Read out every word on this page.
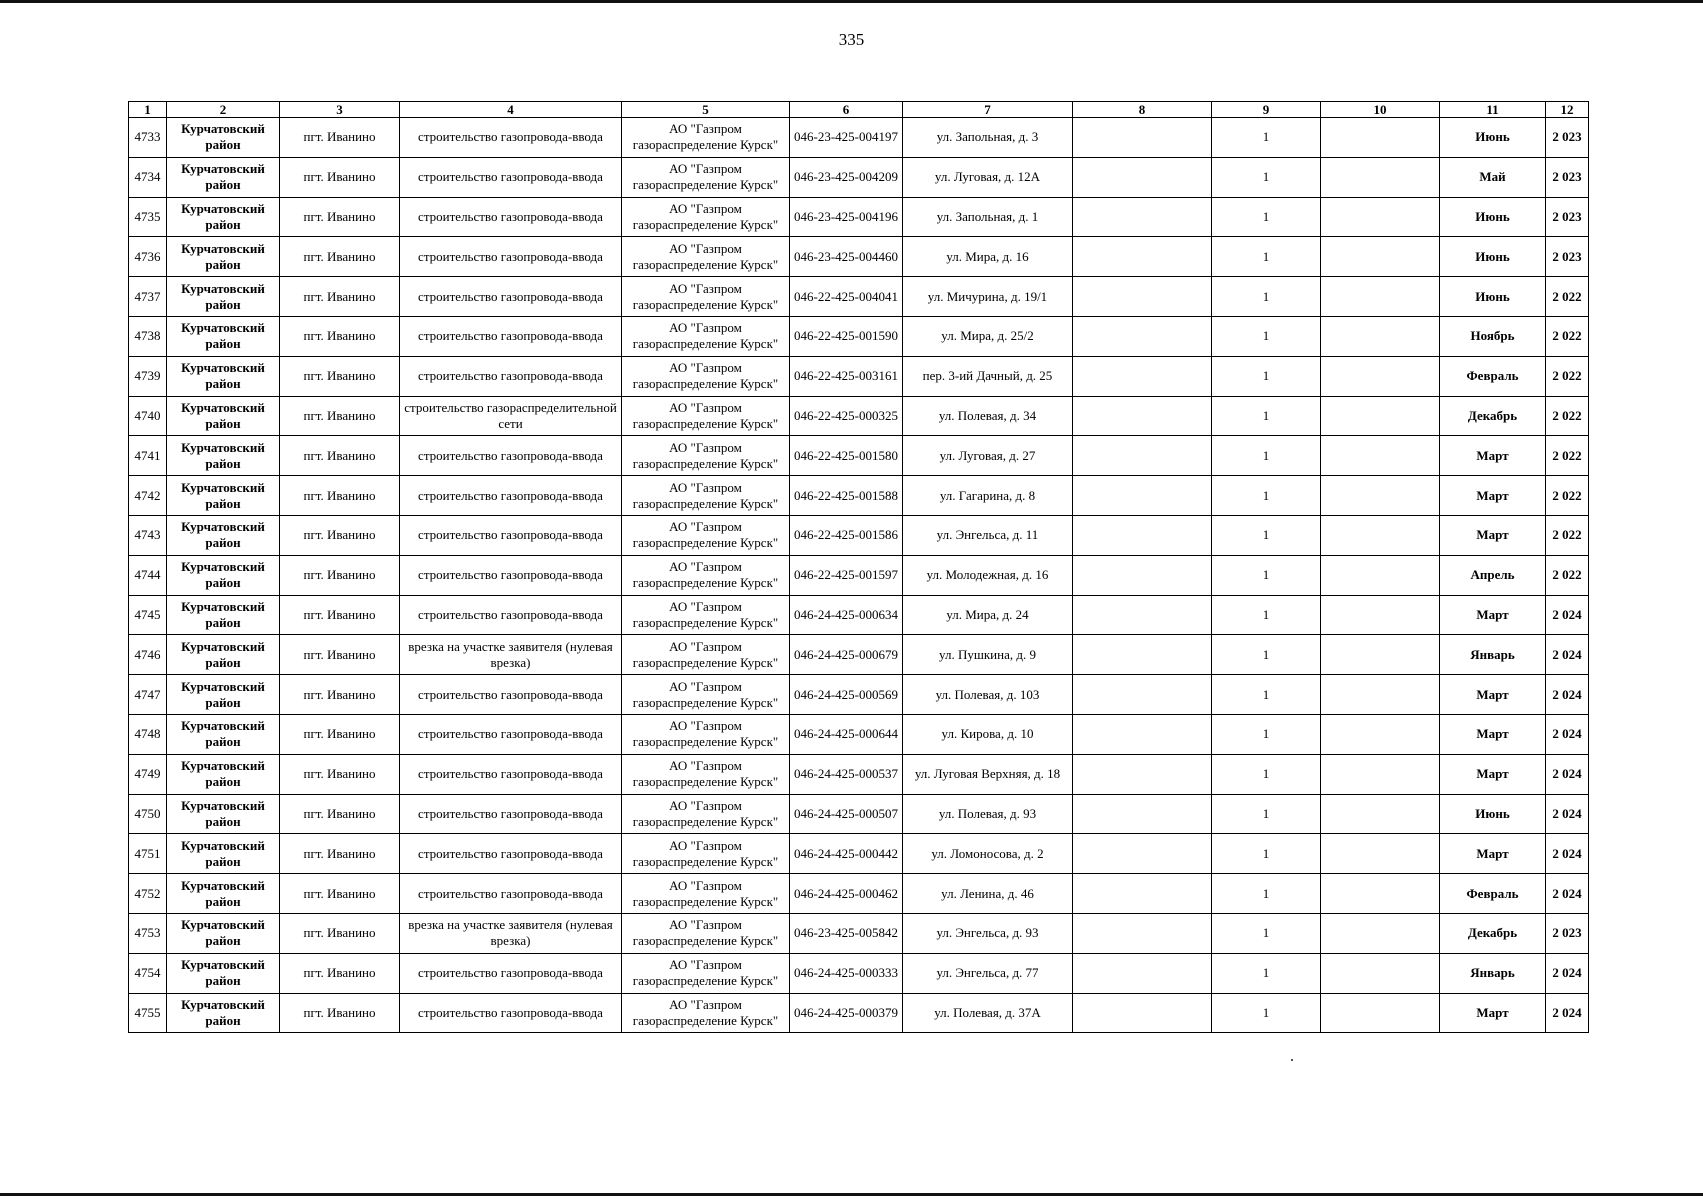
335
1	2	3	4	5	6	7	8	9	10	11	12
4733	Курчатовский район	пгт. Иванино	строительство газопровода-ввода	АО "Газпром газораспределение Курск"	046-23-425-004197	ул. Запольная, д. 3		1		Июнь	2 023
4734	Курчатовский район	пгт. Иванино	строительство газопровода-ввода	АО "Газпром газораспределение Курск"	046-23-425-004209	ул. Луговая, д. 12А		1		Май	2 023
4735	Курчатовский район	пгт. Иванино	строительство газопровода-ввода	АО "Газпром газораспределение Курск"	046-23-425-004196	ул. Запольная, д. 1		1		Июнь	2 023
4736	Курчатовский район	пгт. Иванино	строительство газопровода-ввода	АО "Газпром газораспределение Курск"	046-23-425-004460	ул. Мира, д. 16		1		Июнь	2 023
4737	Курчатовский район	пгт. Иванино	строительство газопровода-ввода	АО "Газпром газораспределение Курск"	046-22-425-004041	ул. Мичурина, д. 19/1		1		Июнь	2 022
4738	Курчатовский район	пгт. Иванино	строительство газопровода-ввода	АО "Газпром газораспределение Курск"	046-22-425-001590	ул. Мира, д. 25/2		1		Ноябрь	2 022
4739	Курчатовский район	пгт. Иванино	строительство газопровода-ввода	АО "Газпром газораспределение Курск"	046-22-425-003161	пер. 3-ий Дачный, д. 25		1		Февраль	2 022
4740	Курчатовский район	пгт. Иванино	строительство газораспределительной сети	АО "Газпром газораспределение Курск"	046-22-425-000325	ул. Полевая, д. 34		1		Декабрь	2 022
4741	Курчатовский район	пгт. Иванино	строительство газопровода-ввода	АО "Газпром газораспределение Курск"	046-22-425-001580	ул. Луговая, д. 27		1		Март	2 022
4742	Курчатовский район	пгт. Иванино	строительство газопровода-ввода	АО "Газпром газораспределение Курск"	046-22-425-001588	ул. Гагарина, д. 8		1		Март	2 022
4743	Курчатовский район	пгт. Иванино	строительство газопровода-ввода	АО "Газпром газораспределение Курск"	046-22-425-001586	ул. Энгельса, д. 11		1		Март	2 022
4744	Курчатовский район	пгт. Иванино	строительство газопровода-ввода	АО "Газпром газораспределение Курск"	046-22-425-001597	ул. Молодежная, д. 16		1		Апрель	2 022
4745	Курчатовский район	пгт. Иванино	строительство газопровода-ввода	АО "Газпром газораспределение Курск"	046-24-425-000634	ул. Мира, д. 24		1		Март	2 024
4746	Курчатовский район	пгт. Иванино	врезка на участке заявителя (нулевая врезка)	АО "Газпром газораспределение Курск"	046-24-425-000679	ул. Пушкина, д. 9		1		Январь	2 024
4747	Курчатовский район	пгт. Иванино	строительство газопровода-ввода	АО "Газпром газораспределение Курск"	046-24-425-000569	ул. Полевая, д. 103		1		Март	2 024
4748	Курчатовский район	пгт. Иванино	строительство газопровода-ввода	АО "Газпром газораспределение Курск"	046-24-425-000644	ул. Кирова, д. 10		1		Март	2 024
4749	Курчатовский район	пгт. Иванино	строительство газопровода-ввода	АО "Газпром газораспределение Курск"	046-24-425-000537	ул. Луговая Верхняя, д. 18		1		Март	2 024
4750	Курчатовский район	пгт. Иванино	строительство газопровода-ввода	АО "Газпром газораспределение Курск"	046-24-425-000507	ул. Полевая, д. 93		1		Июнь	2 024
4751	Курчатовский район	пгт. Иванино	строительство газопровода-ввода	АО "Газпром газораспределение Курск"	046-24-425-000442	ул. Ломоносова, д. 2		1		Март	2 024
4752	Курчатовский район	пгт. Иванино	строительство газопровода-ввода	АО "Газпром газораспределение Курск"	046-24-425-000462	ул. Ленина, д. 46		1		Февраль	2 024
4753	Курчатовский район	пгт. Иванино	врезка на участке заявителя (нулевая врезка)	АО "Газпром газораспределение Курск"	046-23-425-005842	ул. Энгельса, д. 93		1		Декабрь	2 023
4754	Курчатовский район	пгт. Иванино	строительство газопровода-ввода	АО "Газпром газораспределение Курск"	046-24-425-000333	ул. Энгельса, д. 77		1		Январь	2 024
4755	Курчатовский район	пгт. Иванино	строительство газопровода-ввода	АО "Газпром газораспределение Курск"	046-24-425-000379	ул. Полевая, д. 37А		1		Март	2 024
